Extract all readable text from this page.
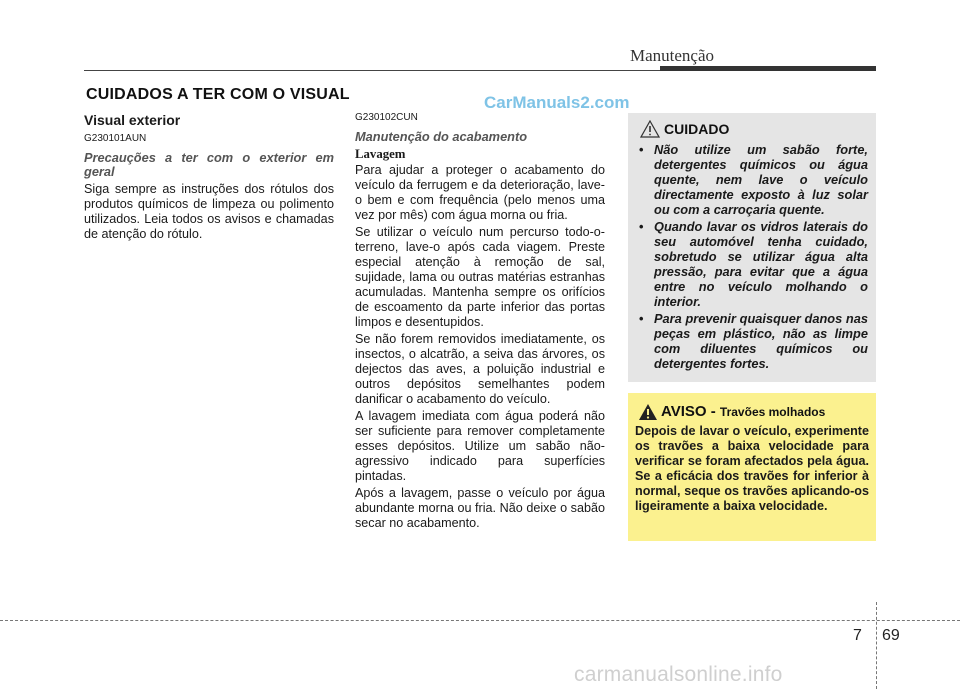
Manutenção
CUIDADOS A TER COM O VISUAL	CarManuals2.com
Visual exterior
G230101AUN
Precauções a ter com o exterior em geral

Siga sempre as instruções dos rótulos dos produtos químicos de limpeza ou polimento utilizados. Leia todos os avisos e chamadas de atenção do rótulo.

G230102CUN
Manutenção do acabamento
Lavagem

Para ajudar a proteger o acabamento do veículo da ferrugem e da deterioração, lave-o bem e com frequência (pelo menos uma vez por mês) com água morna ou fria.

Se utilizar o veículo num percurso todo-o-terreno, lave-o após cada viagem. Preste especial atenção à remoção de sal, sujidade, lama ou outras matérias estranhas acumuladas. Mantenha sempre os orifícios de escoamento da parte inferior das portas limpos e desentupidos.

Se não forem removidos imediatamente, os insectos, o alcatrão, a seiva das árvores, os dejectos das aves, a poluição industrial e outros depósitos semelhantes podem danificar o acabamento do veículo.

A lavagem imediata com água poderá não ser suficiente para remover completamente esses depósitos. Utilize um sabão não-agressivo indicado para superfícies pintadas.

Após a lavagem, passe o veículo por água abundante morna ou fria. Não deixe o sabão secar no acabamento.

CUIDADO
• Não utilize um sabão forte, detergentes químicos ou água quente, nem lave o veículo directamente exposto à luz solar ou com a carroçaria quente.
• Quando lavar os vidros laterais do seu automóvel tenha cuidado, sobretudo se utilizar água alta pressão, para evitar que a água entre no veículo molhando o interior.
• Para prevenir quaisquer danos nas peças em plástico, não as limpe com diluentes químicos ou detergentes fortes.
AVISO - Travões molhados

Depois de lavar o veículo, experimente os travões a baixa velocidade para verificar se foram afectados pela água. Se a eficácia dos travões for inferior à normal, seque os travões aplicando-os ligeiramente a baixa velocidade.

7 69
carmanualsonline.info
